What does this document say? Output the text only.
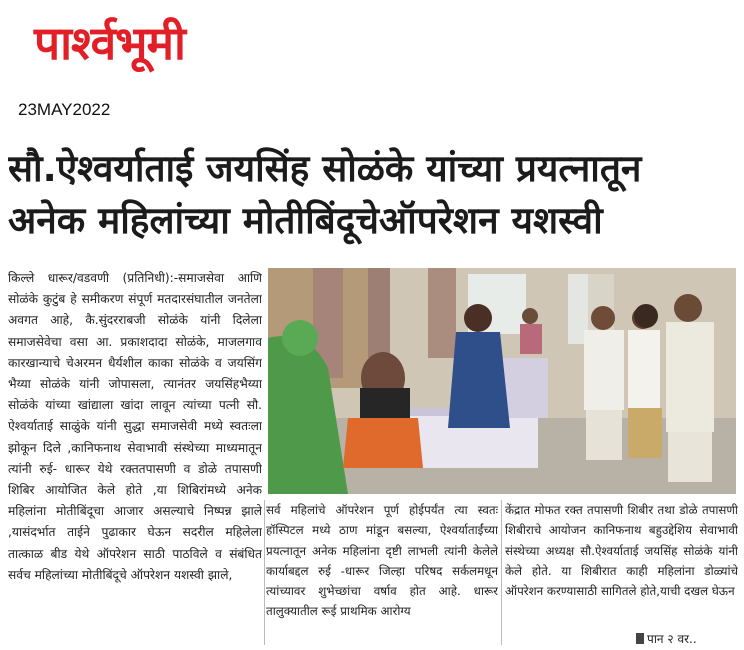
पार्श्वभूमी
23MAY2022
सौ.ऐश्वर्याताई जयसिंह सोळंके यांच्या प्रयत्नातून
अनेक महिलांच्या मोतीबिंदूचेऑपरेशन यशस्वी
किल्ले धारूर/वडवणी (प्रतिनिधी):-समाजसेवा आणि सोळंके कुटुंब हे समीकरण संपूर्ण मतदारसंघातील जनतेला अवगत आहे, कै.सुंदरराबजी सोळंके यांनी दिलेला समाजसेवेचा वसा आ. प्रकाशदादा सोळंके, माजलगाव कारखान्याचे चेअरमन धैर्यशील काका सोळंके व जयसिंग भैय्या सोळंके यांनी जोपासला, त्यानंतर जयसिंहभैय्या सोळंके यांच्या खांद्याला खांदा लावून त्यांच्या पत्नी सौ. ऐश्वर्याताई साळुंके यांनी सुद्धा समाजसेवी मध्ये स्वतःला झोकून दिले ,कानिफनाथ सेवाभावी संस्थेच्या माध्यमातून त्यांनी रुई- धारूर येथे रक्ततपासणी व डोळे तपासणी शिबिर आयोजित केले होते ,या शिबिरांमध्ये अनेक महिलांना मोतीबिंदूचा आजार असल्याचे निष्पन्न झाले ,यासंदर्भात ताईने पुढाकार घेऊन सदरील महिलेला तात्काळ बीड येथे ऑपरेशन साठी पाठविले व संबंधित सर्वच महिलांच्या मोतीबिंदूचे ऑपरेशन यशस्वी झाले,
सर्व महिलांचे ऑपरेशन पूर्ण होईपर्यंत त्या स्वतः हॉस्पिटल मध्ये ठाण मांडून बसल्या, ऐश्वर्याताईंच्या प्रयत्नातून अनेक महिलांना दृष्टी लाभली त्यांनी केलेले कार्याबद्दल रुई -धारूर जिल्हा परिषद सर्कलमधून त्यांच्यावर शुभेच्छांचा वर्षाव होत आहे. धारूर तालुक्यातील रूई प्राथमिक आरोग्य
केंद्रात मोफत रक्त तपासणी शिबीर तथा डोळे तपासणी शिबीराचे आयोजन कानिफनाथ बहुउद्देशिय सेवाभावी संस्थेच्या अध्यक्ष सौ.ऐश्वर्याताई जयसिंह सोळंके यांनी केले होते. या शिबीरात काही महिलांना डोळ्यांचे ऑपरेशन करण्यासाठी सागितले होते,याची दखल घेऊन
पान २ वर..
